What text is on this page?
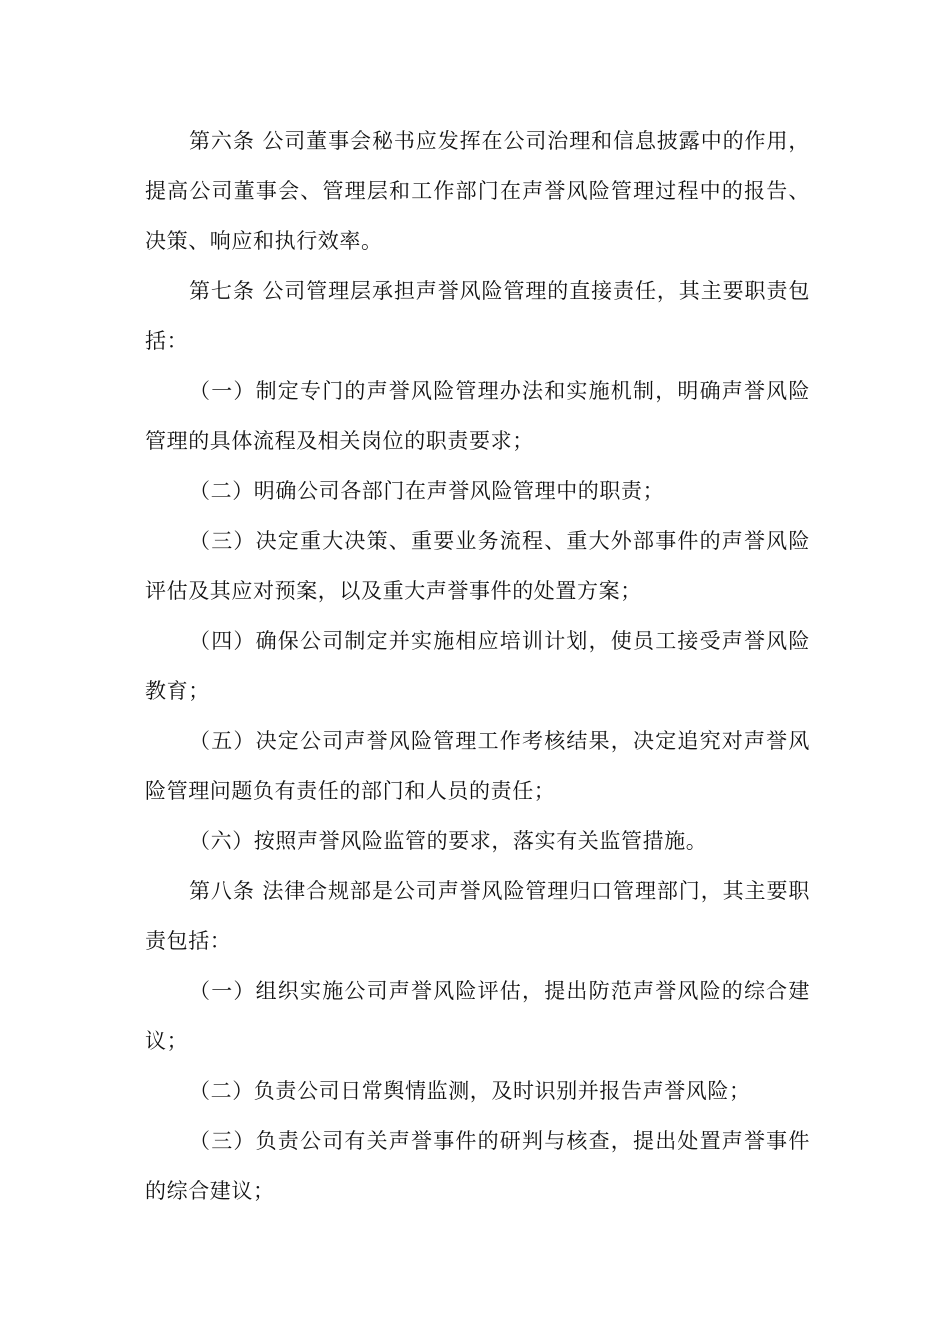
第六条 公司董事会秘书应发挥在公司治理和信息披露中的作用，提高公司董事会、管理层和工作部门在声誉风险管理过程中的报告、决策、响应和执行效率。

第七条 公司管理层承担声誉风险管理的直接责任，其主要职责包括：

（一）制定专门的声誉风险管理办法和实施机制，明确声誉风险管理的具体流程及相关岗位的职责要求；

（二）明确公司各部门在声誉风险管理中的职责；

（三）决定重大决策、重要业务流程、重大外部事件的声誉风险评估及其应对预案，以及重大声誉事件的处置方案；

（四）确保公司制定并实施相应培训计划，使员工接受声誉风险教育；

（五）决定公司声誉风险管理工作考核结果，决定追究对声誉风险管理问题负有责任的部门和人员的责任；

（六）按照声誉风险监管的要求，落实有关监管措施。

第八条 法律合规部是公司声誉风险管理归口管理部门，其主要职责包括：

（一）组织实施公司声誉风险评估，提出防范声誉风险的综合建议；

（二）负责公司日常舆情监测，及时识别并报告声誉风险；

（三）负责公司有关声誉事件的研判与核查，提出处置声誉事件的综合建议；
